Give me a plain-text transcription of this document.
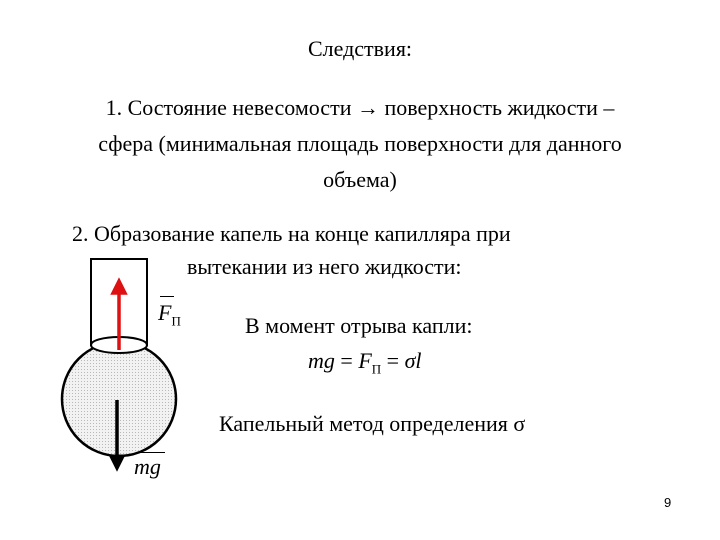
Следствия:
1. Состояние невесомости → поверхность жидкости –
сфера (минимальная площадь поверхности для данного
объема)
2. Образование капель на конце капилляра при
вытекании из него жидкости:
$F_П$
mg
В момент отрыва капли:
mg = $F_П = \sigma l$
Капельный метод определения σ
9
